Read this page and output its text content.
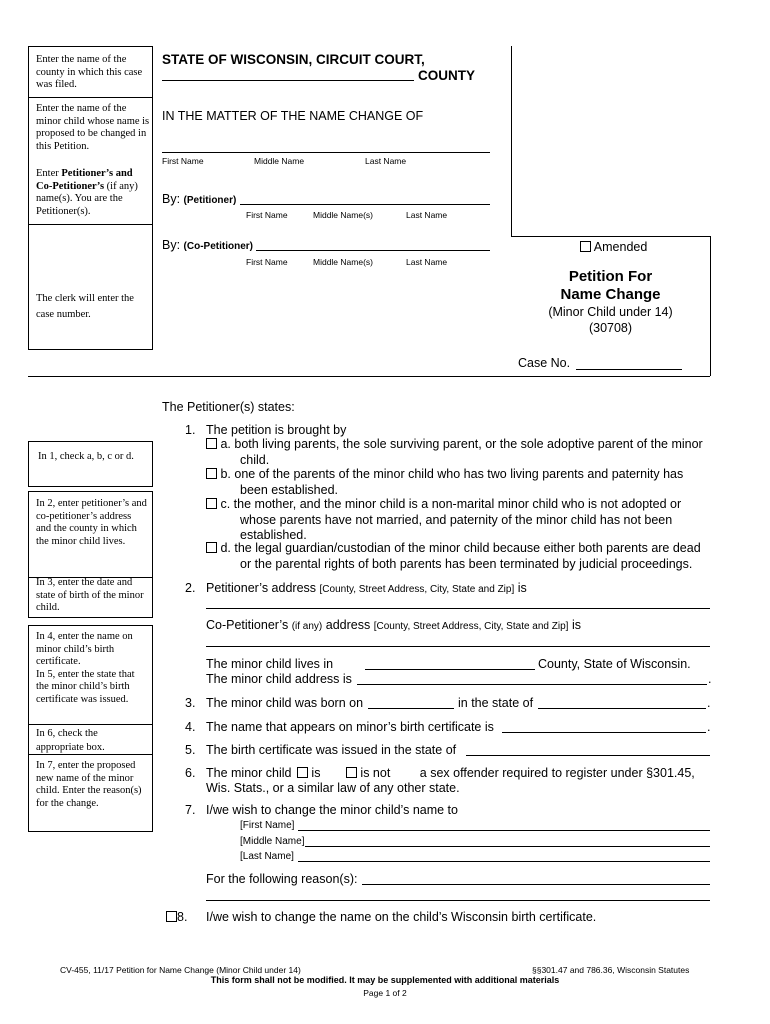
Enter the name of the county in which this case was filed.
Enter the name of the minor child whose name is proposed to be changed in this Petition.
Enter Petitioner’s and Co-Petitioner’s (if any) name(s). You are the Petitioner(s).
The clerk will enter the case number.
STATE OF WISCONSIN, CIRCUIT COURT,
COUNTY
IN THE MATTER OF THE NAME CHANGE OF
First Name	Middle Name	Last Name
By: (Petitioner)
First Name	Middle Name(s)	Last Name
By: (Co-Petitioner)
First Name	Middle Name(s)	Last Name
Amended
Petition For
Name Change
(Minor Child under 14)
(30708)
Case No.
In 1, check a, b, c or d.
In 2, enter petitioner’s and co-petitioner’s address and the county in which the minor child lives.
In 3, enter the date and state of birth of the minor child.
In 4, enter the name on minor child’s birth certificate.
In 5, enter the state that the minor child’s birth certificate was issued.
In 6, check the appropriate box.
In 7, enter the proposed new name of the minor child. Enter the reason(s) for the change.
The Petitioner(s) states:
1. The petition is brought by
a. both living parents, the sole surviving parent, or the sole adoptive parent of the minor
child.
b. one of the parents of the minor child who has two living parents and paternity has
been established.
c. the mother, and the minor child is a non-marital minor child who is not adopted or
whose parents have not married, and paternity of the minor child has not been
established.
d. the legal guardian/custodian of the minor child because either both parents are dead
or the parental rights of both parents has been terminated by judicial proceedings.
2. Petitioner’s address [County, Street Address, City, State and Zip] is
Co-Petitioner’s (if any) address [County, Street Address, City, State and Zip] is
The minor child lives in	County, State of Wisconsin.
The minor child address is	.
3. The minor child was born on	in the state of	.
4. The name that appears on minor’s birth certificate is	.
5. The birth certificate was issued in the state of
6. The minor child is	is not a sex offender required to register under §301.45,
Wis. Stats., or a similar law of any other state.
7. I/we wish to change the minor child’s name to
[First Name]
[Middle Name]
[Last Name]
For the following reason(s):
8. I/we wish to change the name on the child’s Wisconsin birth certificate.
CV-455, 11/17 Petition for Name Change (Minor Child under 14)	§§301.47 and 786.36, Wisconsin Statutes
This form shall not be modified. It may be supplemented with additional materials
Page 1 of 2
